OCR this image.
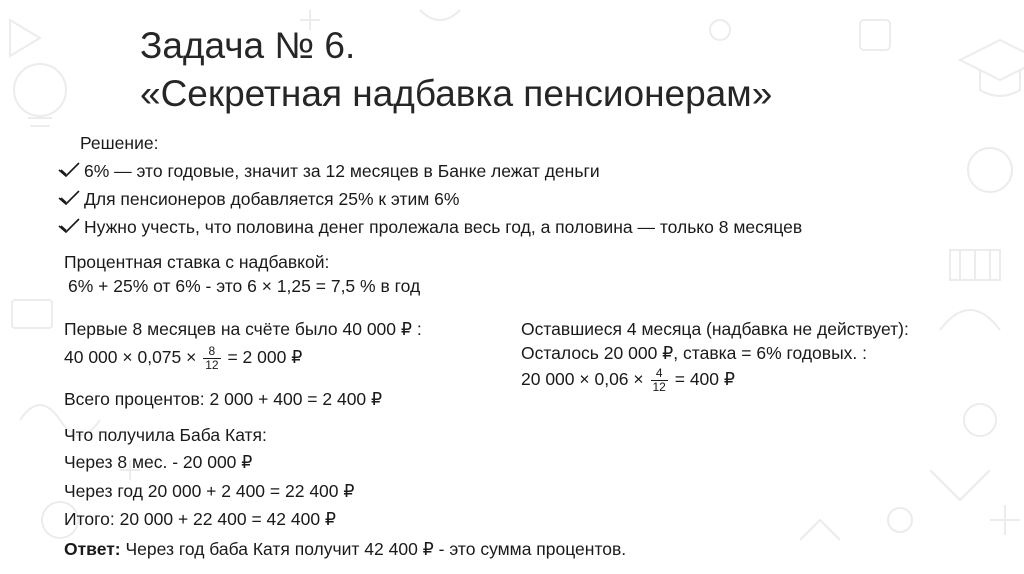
Задача № 6.
«Секретная надбавка пенсионерам»
Решение:
6% — это годовые, значит за 12 месяцев в Банке лежат деньги
Для пенсионеров добавляется 25% к этим 6%
Нужно учесть, что половина денег пролежала весь год, а половина — только 8 месяцев
Процентная ставка с надбавкой:
6% + 25% от 6% - это 6 × 1,25 = 7,5 % в год
Первые 8 месяцев на счёте было 40 000 ₽ :
40 $000 \times 0,075 \times \frac{8}{12} = 2$ 000 ₽
Всего процентов: 2 000 + 400 = 2 400 ₽
Что получила Баба Катя:
Через 8 мес. - 20 000 ₽
Через год 20 000 + 2 400 = 22 400 ₽
Итого: 20 000 + 22 400 = 42 400 ₽
Оставшиеся 4 месяца (надбавка не действует):
Осталось 20 000 ₽, ставка = 6% годовых. :
20 $000 \times 0,06 \times \frac{4}{12} = 400$ ₽
Ответ: Через год баба Катя получит 42 400 ₽ - это сумма процентов.
